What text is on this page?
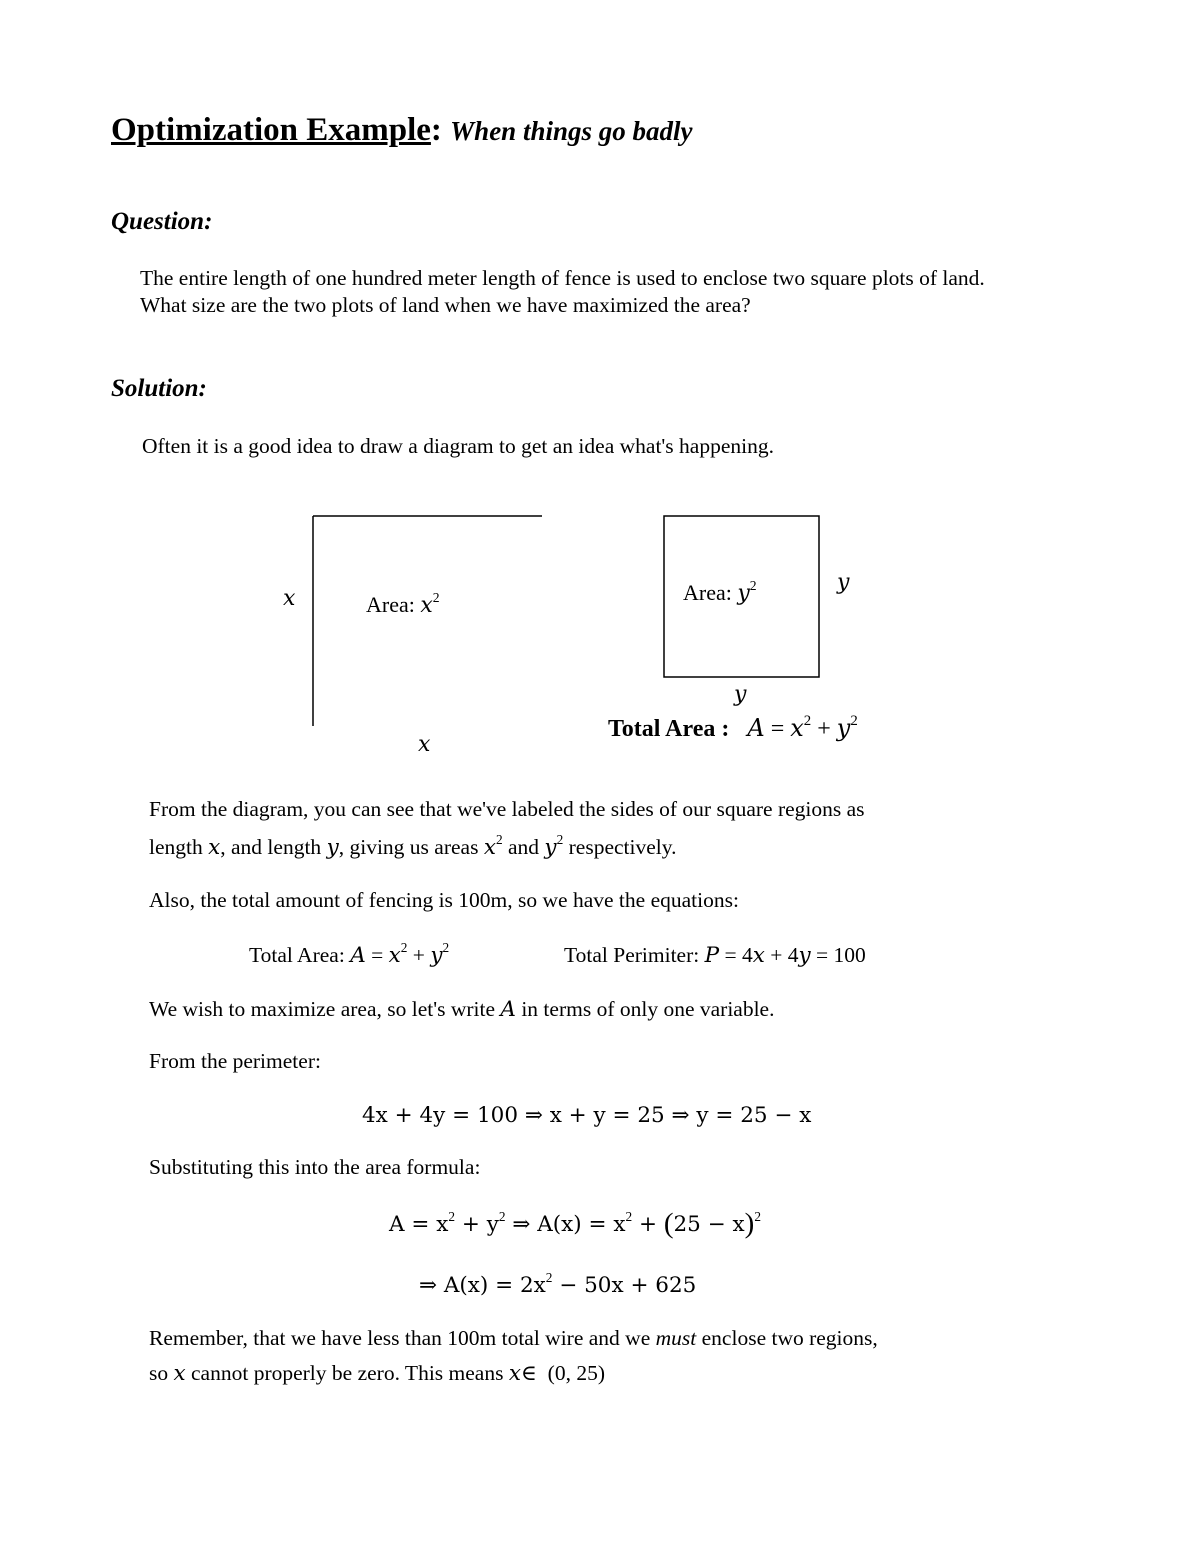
Optimization Example: When things go badly
Question:
The entire length of one hundred meter length of fence is used to enclose two square plots of land.
What size are the two plots of land when we have maximized the area?
Solution:
Often it is a good idea to draw a diagram to get an idea what's happening.
x	Area: $x^2$
x
Area: $y^2$	y
y
Total Area : $A = x^2 + y^2$
From the diagram, you can see that we've labeled the sides of our square regions as
length x, and length y, giving us areas $x^2$ and $y^2$ respectively.
Also, the total amount of fencing is 100m, so we have the equations:
Total Area: $A = x^2 + y^2$	Total Perimiter: P = 4x + 4y = 100
We wish to maximize area, so let's write A in terms of only one variable.
From the perimeter:
4x + 4y = 100 ⇒ x + y = 25 ⇒ y = 25 − x
Substituting this into the area formula:
$A = x^2 + y^2$ ⇒ $A(x) = x^2 + (25 - x)^2$
⇒ $A(x) = 2x^2 - 50x + 625$
Remember, that we have less than 100m total wire and we must enclose two regions,
so x cannot properly be zero. This means x∈ (0, 25)
